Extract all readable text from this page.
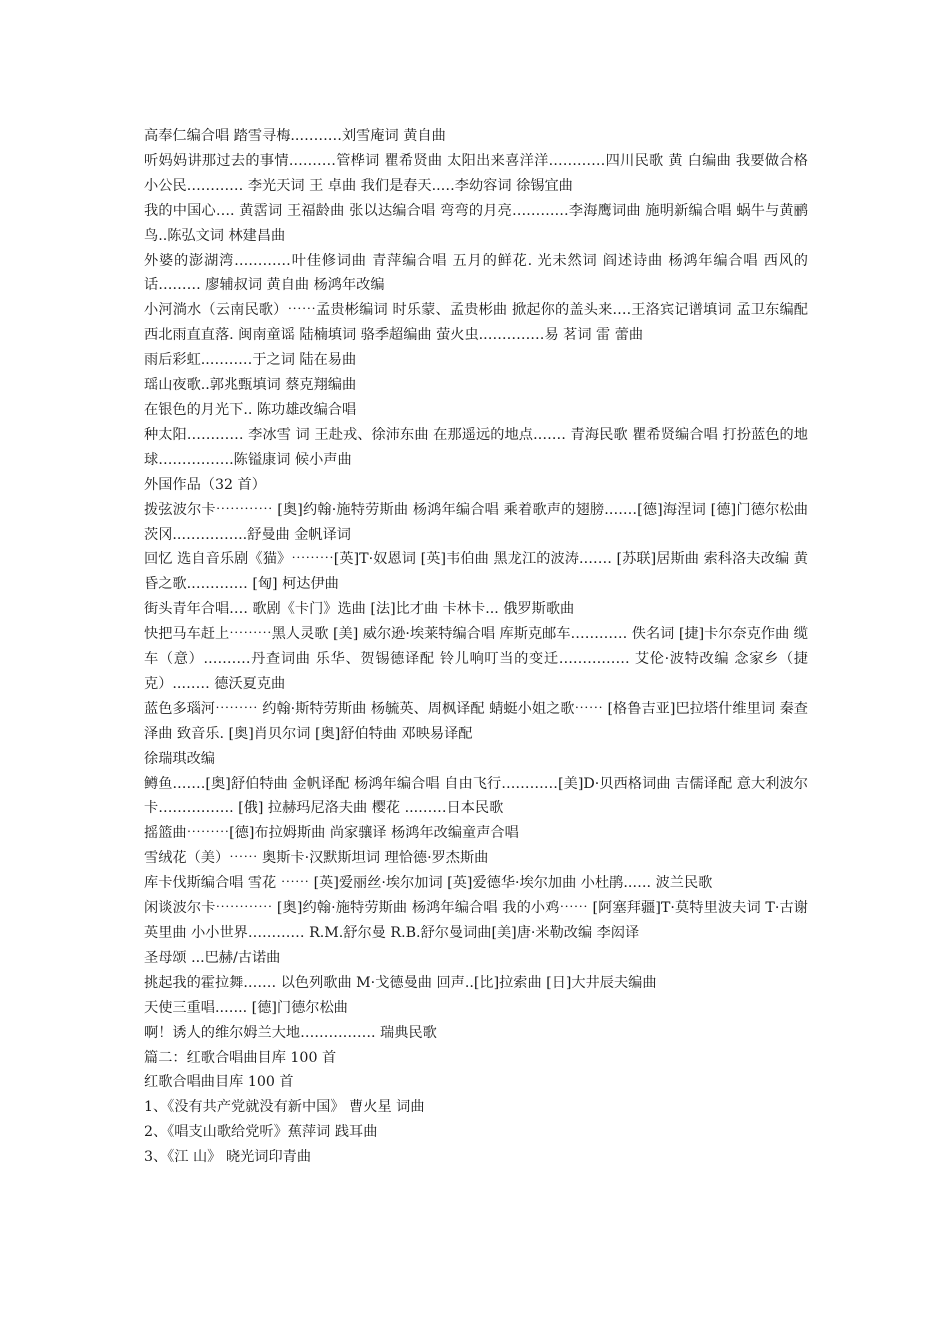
高奉仁编合唱 踏雪寻梅..………刘雪庵词 黄自曲

听妈妈讲那过去的事情.………管桦词 瞿希贤曲 太阳出来喜洋洋…………四川民歌 黄 白编曲 我要做合格小公民………… 李光天词 王 卓曲 我们是春天..…李幼容词 徐锡宜曲

我的中国心…. 黄霑词 王福龄曲 张以达编合唱 弯弯的月亮…………李海鹰词曲 施明新编合唱 蜗牛与黄鹂鸟..陈弘文词 林建昌曲

外婆的澎湖湾…………叶佳修词曲 青萍编合唱 五月的鲜花. 光未然词 阎述诗曲 杨鸿年编合唱 西风的话……… 廖辅叔词 黄自曲 杨鸿年改编

小河淌水（云南民歌）⋯⋯孟贵彬编词 时乐蒙、孟贵彬曲 掀起你的盖头来….王洛宾记谱填词 孟卫东编配 西北雨直直落. 闽南童谣 陆楠填词 骆季超编曲 萤火虫..…………易 茗词 雷 蕾曲

雨后彩虹..………于之词 陆在易曲

瑶山夜歌..郭兆甄填词 蔡克翔编曲

在银色的月光下.. 陈功雄改编合唱

种太阳………… 李冰雪 词 王赴戎、徐沛东曲 在那遥远的地点.…… 青海民歌 瞿希贤编合唱 打扮蓝色的地球…………….陈镒康词 候小声曲

外国作品（32 首）

拨弦波尔卡⋯⋯⋯⋯ [奥]约翰·施特劳斯曲 杨鸿年编合唱 乘着歌声的翅膀.……[德]海涅词 [德]门德尔松曲 茨冈..…………..舒曼曲 金帆译词

回忆 选自音乐剧《猫》⋯⋯⋯[英]T·奴恩词 [英]韦伯曲 黑龙江的波涛.…… [苏联]居斯曲 索科洛夫改编 黄昏之歌.………… [匈] 柯达伊曲

街头青年合唱…. 歌剧《卡门》选曲 [法]比才曲 卡林卡... 俄罗斯歌曲

快把马车赶上⋯⋯⋯黑人灵歌 [美] 威尔逊·埃莱特编合唱 库斯克邮车………… 佚名词 [捷]卡尔奈克作曲 缆车（意）.………丹查词曲 乐华、贺锡德译配 铃儿响叮当的变迁…………… 艾伦·波特改编 念家乡（捷克）..…… 德沃夏克曲

蓝色多瑙河⋯⋯⋯ 约翰·斯特劳斯曲 杨毓英、周枫译配 蜻蜓小姐之歌⋯⋯ [格鲁吉亚]巴拉塔什维里词 秦查泽曲 致音乐. [奥]肖贝尔词 [奥]舒伯特曲 邓映易译配

徐瑞琪改编

鳟鱼.……[奥]舒伯特曲 金帆译配 杨鸿年编合唱 自由飞行…………[美]D·贝西格词曲 吉儒译配 意大利波尔卡……………. [俄] 拉赫玛尼洛夫曲 樱花 ...……日本民歌

摇篮曲⋯⋯⋯[德]布拉姆斯曲 尚家骧译 杨鸿年改编童声合唱

雪绒花（美）⋯⋯ 奥斯卡·汉默斯坦词 理恰德·罗杰斯曲

库卡伐斯编合唱 雪花 ⋯⋯ [英]爱丽丝·埃尔加词 [英]爱德华·埃尔加曲 小杜鹃..…. 波兰民歌

闲谈波尔卡⋯⋯⋯⋯ [奥]约翰·施特劳斯曲 杨鸿年编合唱 我的小鸡⋯⋯ [阿塞拜疆]T·莫特里波夫词 T·古谢英里曲 小小世界………… R.M.舒尔曼 R.B.舒尔曼词曲[美]唐·米勒改编 李闳译

圣母颂 ...巴赫/古诺曲

挑起我的霍拉舞.…… 以色列歌曲 M·戈德曼曲 回声..[比]拉索曲 [日]大井辰夫编曲

天使三重唱..….. [德]门德尔松曲

啊！诱人的维尔姆兰大地……………. 瑞典民歌

篇二：红歌合唱曲目库 100 首

红歌合唱曲目库 100 首

1、《没有共产党就没有新中国》 曹火星 词曲

2、《唱支山歌给党听》蕉萍词 践耳曲

3、《江 山》 晓光词印青曲
